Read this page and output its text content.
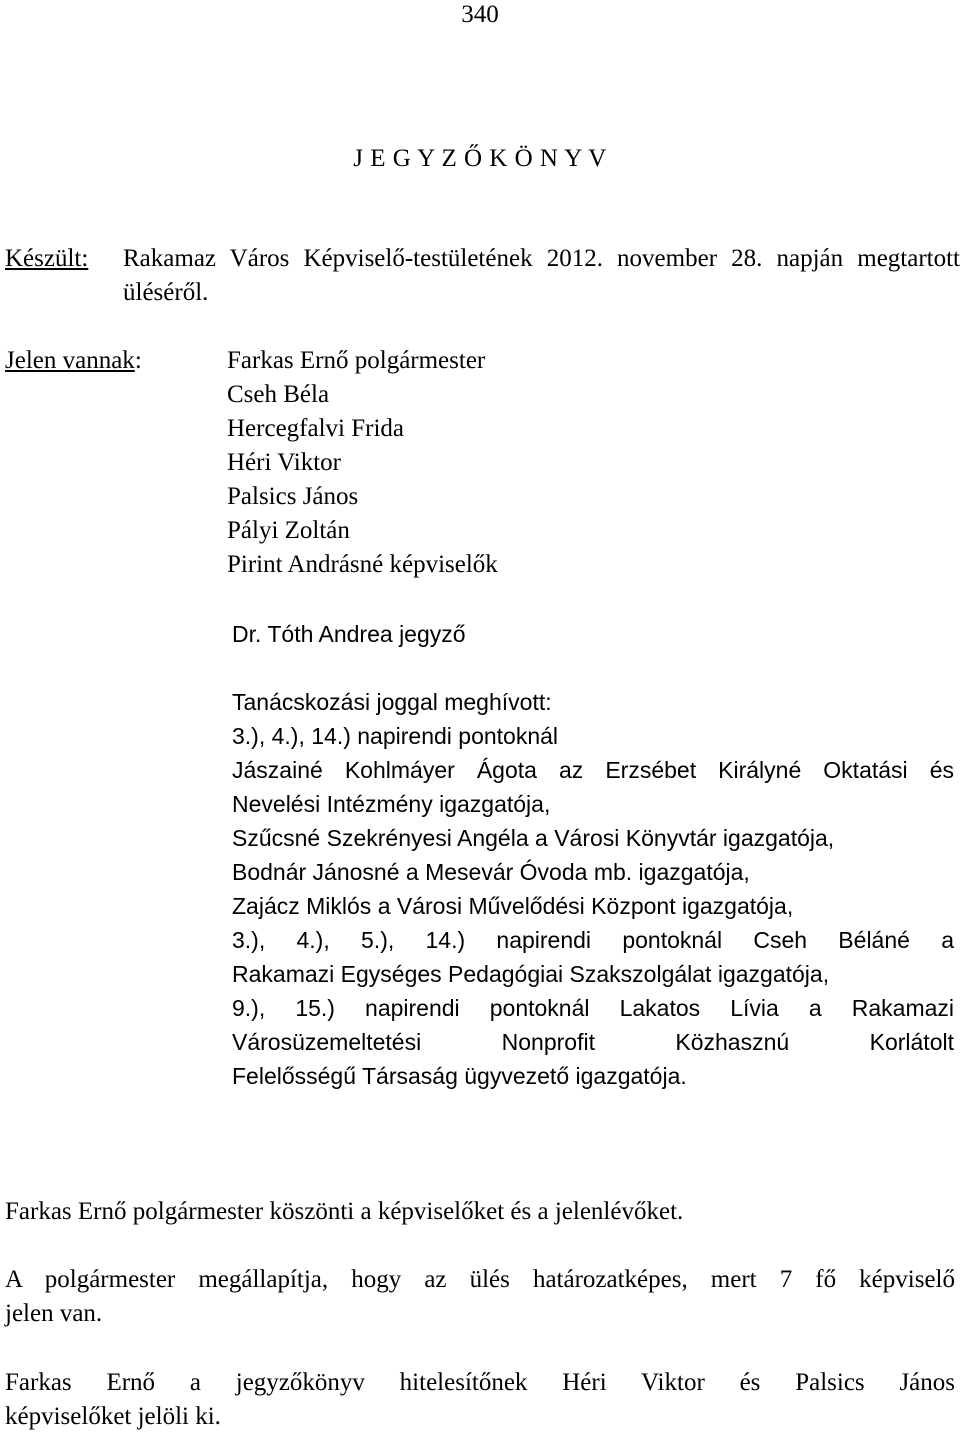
340
J E G Y Z Ő K Ö N Y V
Készült: Rakamaz Város Képviselő-testületének 2012. november 28. napján megtartott üléséről.
Jelen vannak:	Farkas Ernő polgármester
Cseh Béla
Hercegfalvi Frida
Héri Viktor
Palsics János
Pályi Zoltán
Pirint Andrásné képviselők
Dr. Tóth Andrea jegyző
Tanácskozási joggal meghívott:
3.), 4.), 14.) napirendi pontoknál
Jászainé Kohlmáyer Ágota az Erzsébet Királyné Oktatási és
Nevelési Intézmény igazgatója,
Szűcsné Szekrényesi Angéla a Városi Könyvtár igazgatója,
Bodnár Jánosné a Mesevár Óvoda mb. igazgatója,
Zajácz Miklós a Városi Művelődési Központ igazgatója,
3.), 4.), 5.), 14.) napirendi pontoknál Cseh Béláné a
Rakamazi Egységes Pedagógiai Szakszolgálat igazgatója,
9.), 15.) napirendi pontoknál Lakatos Lívia a Rakamazi
Városüzemeltetési Nonprofit Közhasznú Korlátolt
Felelősségű Társaság ügyvezető igazgatója.
Farkas Ernő polgármester köszönti a képviselőket és a jelenlévőket.
A polgármester megállapítja, hogy az ülés határozatképes, mert 7 fő képviselő
jelen van.
Farkas Ernő a jegyzőkönyv hitelesítőnek Héri Viktor és Palsics János
képviselőket jelöli ki.
